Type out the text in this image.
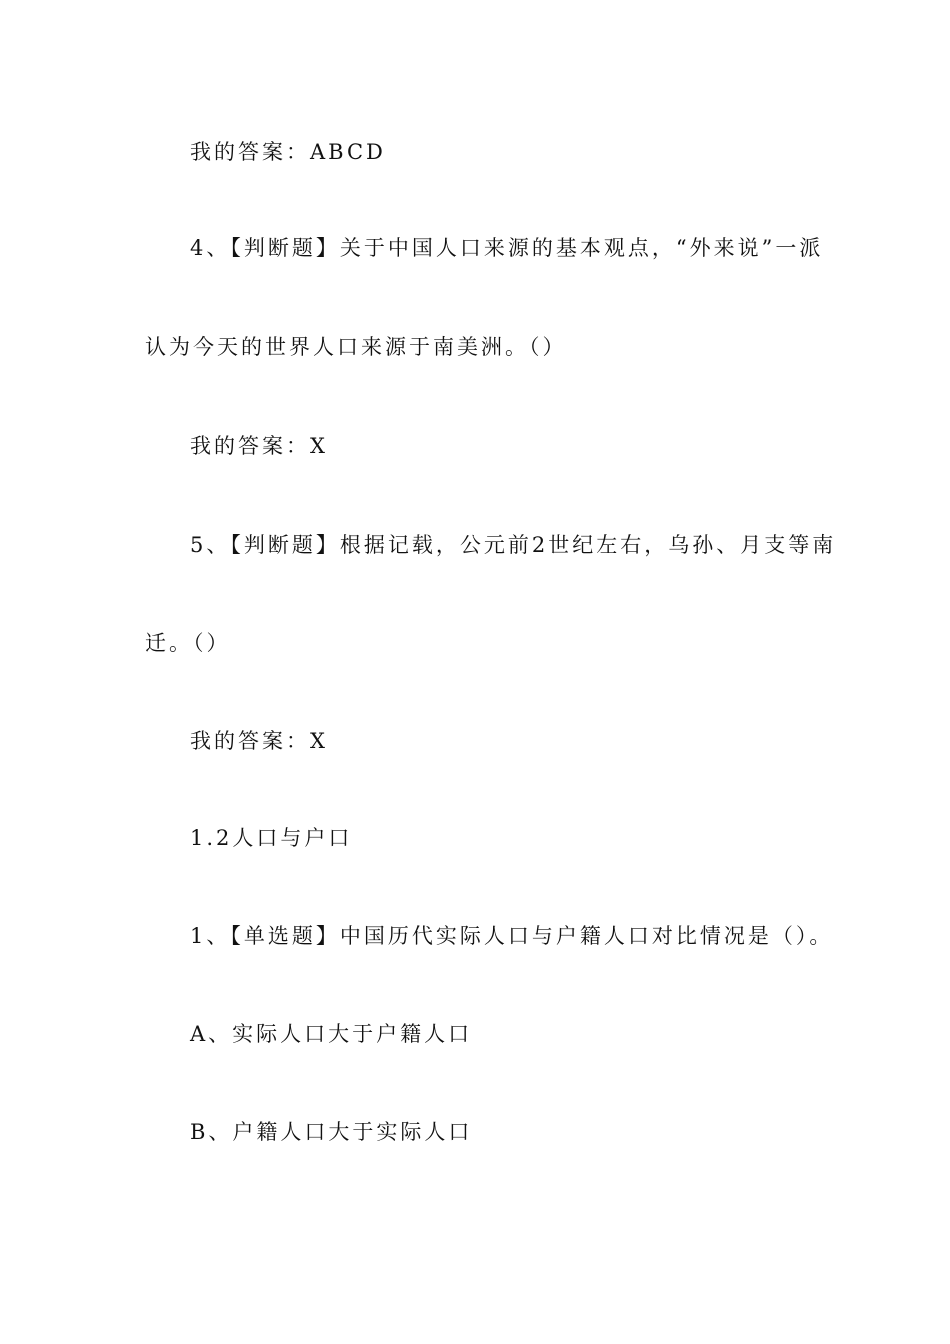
我的答案：ABCD
4、【判断题】关于中国人口来源的基本观点，“外来说”一派
认为今天的世界人口来源于南美洲。（）
我的答案：X
5、【判断题】根据记载，公元前2世纪左右，乌孙、月支等南
迁。（）
我的答案：X
1.2人口与户口
1、【单选题】中国历代实际人口与户籍人口对比情况是（）。
A、实际人口大于户籍人口
B、户籍人口大于实际人口
